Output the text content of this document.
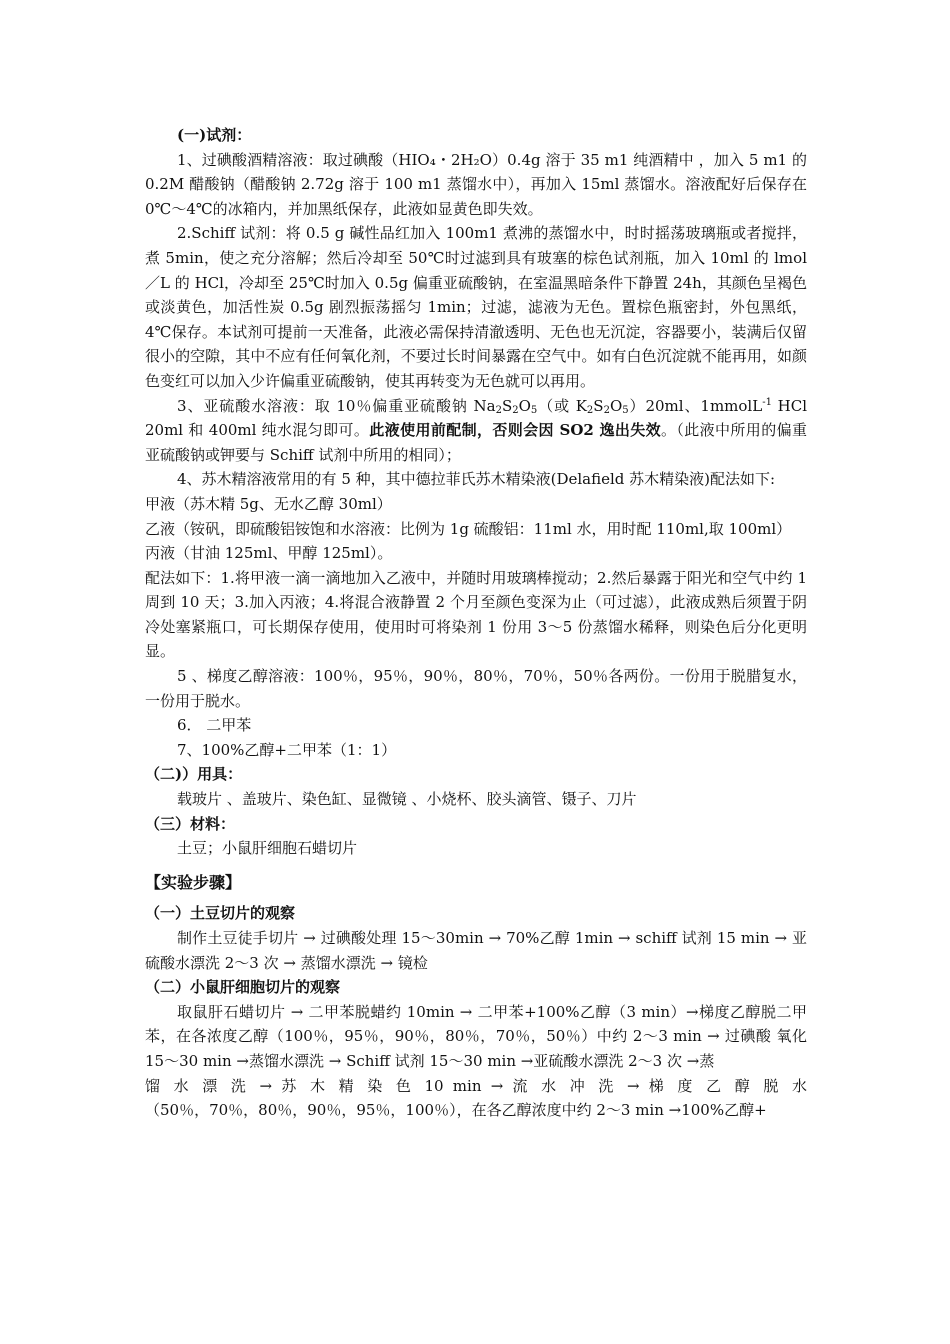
(一)试剂：

1、过碘酸酒精溶液：取过碘酸（HIO₄・2H₂O）0.4g 溶于 35 m1 纯酒精中 ，加入 5 m1 的 0.2M 醋酸钠（醋酸钠 2.72g 溶于 100 m1 蒸馏水中），再加入 15ml 蒸馏水。溶液配好后保存在 0℃～4℃的冰箱内，并加黑纸保存，此液如显黄色即失效。

2.Schiff 试剂：将 0.5 g 碱性品红加入 100m1 煮沸的蒸馏水中，时时摇荡玻璃瓶或者搅拌，煮 5min，使之充分溶解；然后冷却至 50℃时过滤到具有玻塞的棕色试剂瓶，加入 10ml 的 lmol／L 的 HCl，冷却至 25℃时加入 0.5g 偏重亚硫酸钠，在室温黑暗条件下静置 24h，其颜色呈褐色或淡黄色，加活性炭 0.5g 剧烈振荡摇匀 1min；过滤，滤液为无色。置棕色瓶密封，外包黑纸，4℃保存。本试剂可提前一天准备，此液必需保持清澈透明、无色也无沉淀，容器要小，装满后仅留很小的空隙，其中不应有任何氧化剂，不要过长时间暴露在空气中。如有白色沉淀就不能再用，如颜色变红可以加入少许偏重亚硫酸钠，使其再转变为无色就可以再用。

3、亚硫酸水溶液：取 10％偏重亚硫酸钠 $Na_2S_2O_5$（或 $K_2S_2O_5)20ml$、1mmolL$^{-1}$ HCl 20ml 和 400ml 纯水混匀即可。此液使用前配制，否则会因 SO2 逸出失效。（此液中所用的偏重亚硫酸钠或钾要与 Schiff 试剂中所用的相同）；

4、苏木精溶液常用的有 5 种，其中德拉菲氏苏木精染液(Delafield 苏木精染液)配法如下:

甲液（苏木精 5g、无水乙醇 30ml）

乙液（铵矾，即硫酸铝铵饱和水溶液：比例为 1g 硫酸铝：11ml 水，用时配 110ml,取 100ml）

丙液（甘油 125ml、甲醇 125ml）。

配法如下：1.将甲液一滴一滴地加入乙液中，并随时用玻璃棒搅动；2.然后暴露于阳光和空气中约 1 周到 10 天；3.加入丙液；4.将混合液静置 2 个月至颜色变深为止（可过滤），此液成熟后须置于阴冷处塞紧瓶口，可长期保存使用，使用时可将染剂 1 份用 3～5 份蒸馏水稀释，则染色后分化更明显。

5 、梯度乙醇溶液：100％，95％，90％，80％，70％，50％各两份。一份用于脱腊复水，一份用于脱水。

6． 二甲苯

7、100%乙醇+二甲苯（1：1）

（二)）用具：

载玻片 、盖玻片、染色缸、显微镜 、小烧杯、胶头滴管、镊子、刀片

（三）材料：

土豆；小鼠肝细胞石蜡切片

【实验步骤】

（一）土豆切片的观察

制作土豆徒手切片 → 过碘酸处理 15～30min → 70%乙醇 1min → schiff 试剂 15 min → 亚硫酸水漂洗 2～3 次 → 蒸馏水漂洗 → 镜检

（二）小鼠肝细胞切片的观察

取鼠肝石蜡切片 → 二甲苯脱蜡约 10min → 二甲苯+100%乙醇（3 min）→梯度乙醇脱二甲苯，在各浓度乙醇（100％，95％，90％，80％，70％，50％）中约 2～3 min → 过碘酸 氧化 15～30 min →蒸馏水漂洗 → Schiff 试剂 15～30 min →亚硫酸水漂洗 2～3 次 →蒸

馏 水 漂 洗 → 苏 木 精 染 色 10 min → 流 水 冲 洗 → 梯 度 乙 醇 脱 水

（50％，70％，80％，90％，95％，100％），在各乙醇浓度中约 2～3 min →100%乙醇+
